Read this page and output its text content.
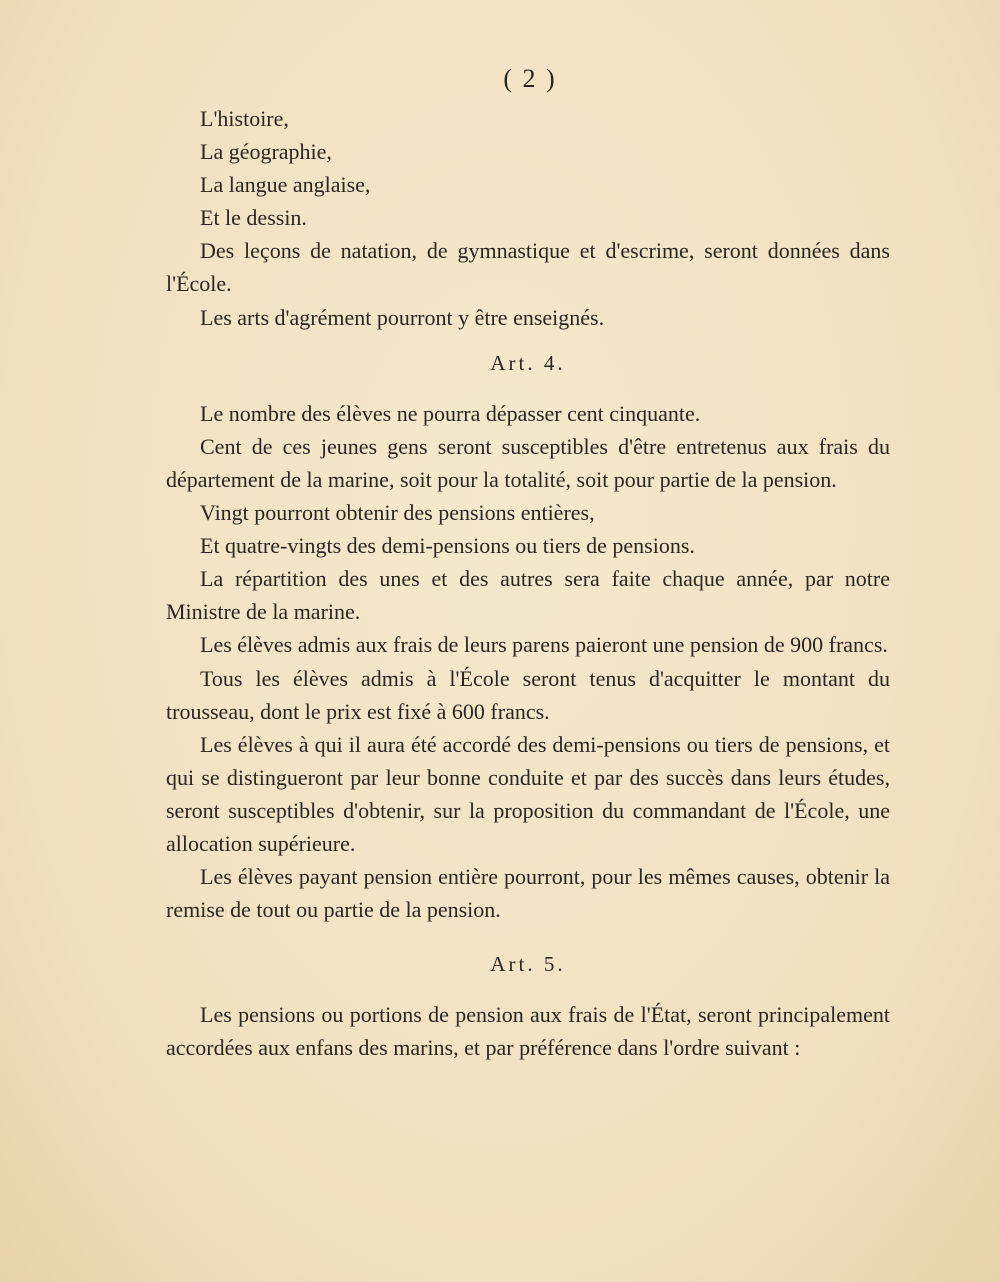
( 2 )

L'histoire,

La géographie,

La langue anglaise,

Et le dessin.

Des leçons de natation, de gymnastique et d'escrime, seront données dans l'École.

Les arts d'agrément pourront y être enseignés.

Art. 4.

Le nombre des élèves ne pourra dépasser cent cinquante.

Cent de ces jeunes gens seront susceptibles d'être entretenus aux frais du département de la marine, soit pour la totalité, soit pour partie de la pension.

Vingt pourront obtenir des pensions entières,

Et quatre-vingts des demi-pensions ou tiers de pensions.

La répartition des unes et des autres sera faite chaque année, par notre Ministre de la marine.

Les élèves admis aux frais de leurs parens paieront une pension de 900 francs.

Tous les élèves admis à l'École seront tenus d'acquitter le montant du trousseau, dont le prix est fixé à 600 francs.

Les élèves à qui il aura été accordé des demi-pensions ou tiers de pensions, et qui se distingueront par leur bonne conduite et par des succès dans leurs études, seront susceptibles d'obtenir, sur la proposition du commandant de l'École, une allocation supérieure.

Les élèves payant pension entière pourront, pour les mêmes causes, obtenir la remise de tout ou partie de la pension.

Art. 5.

Les pensions ou portions de pension aux frais de l'État, seront principalement accordées aux enfans des marins, et par préférence dans l'ordre suivant :
